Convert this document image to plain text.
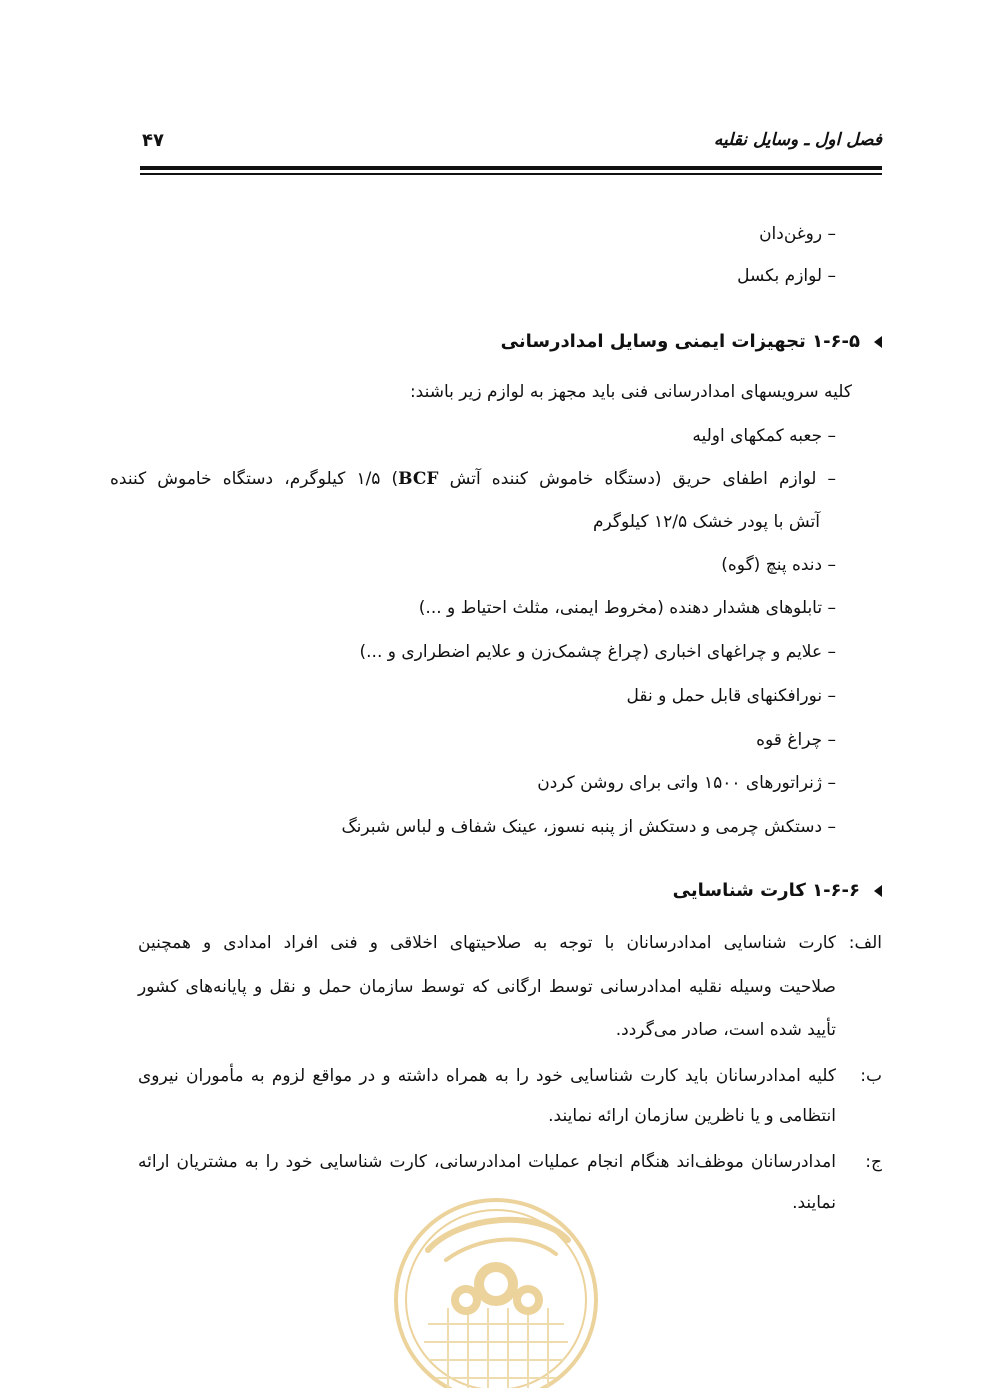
فصل اول ـ وسایل نقلیه
۴۷
– روغن‌دان
– لوازم بکسل
۱-۶-۵ تجهیزات ایمنی وسایل امدادرسانی
کلیه سرویسهای امدادرسانی فنی باید مجهز به لوازم زیر باشند:
– جعبه کمکهای اولیه
– لوازم اطفای حریق (دستگاه خاموش کننده آتش BCF) ۱/۵ کیلوگرم، دستگاه خاموش کننده
آتش با پودر خشک ۱۲/۵ کیلوگرم
– دنده پنچ (گوه)
– تابلوهای هشدار دهنده (مخروط ایمنی، مثلث احتیاط و ...)
– علایم و چراغهای اخباری (چراغ چشمک‌زن و علایم اضطراری و ...)
– نورافکنهای قابل حمل و نقل
– چراغ قوه
– ژنراتورهای ۱۵۰۰ واتی برای روشن کردن
– دستکش چرمی و دستکش از پنبه نسوز، عینک شفاف و لباس شبرنگ
۱-۶-۶ کارت شناسایی
الف:
کارت شناسایی امدادرسانان با توجه به صلاحیتهای اخلاقی و فنی افراد امدادی و همچنین
صلاحیت وسیله نقلیه امدادرسانی توسط ارگانی که توسط سازمان حمل و نقل و پایانه‌های کشور
تأیید شده است، صادر می‌گردد.
ب:
کلیه امدادرسانان باید کارت شناسایی خود را به همراه داشته و در مواقع لزوم به مأموران نیروی
انتظامی و یا ناظرین سازمان ارائه نمایند.
ج:
امدادرسانان موظف‌اند هنگام انجام عملیات امدادرسانی، کارت شناسایی خود را به مشتریان ارائه
نمایند.
